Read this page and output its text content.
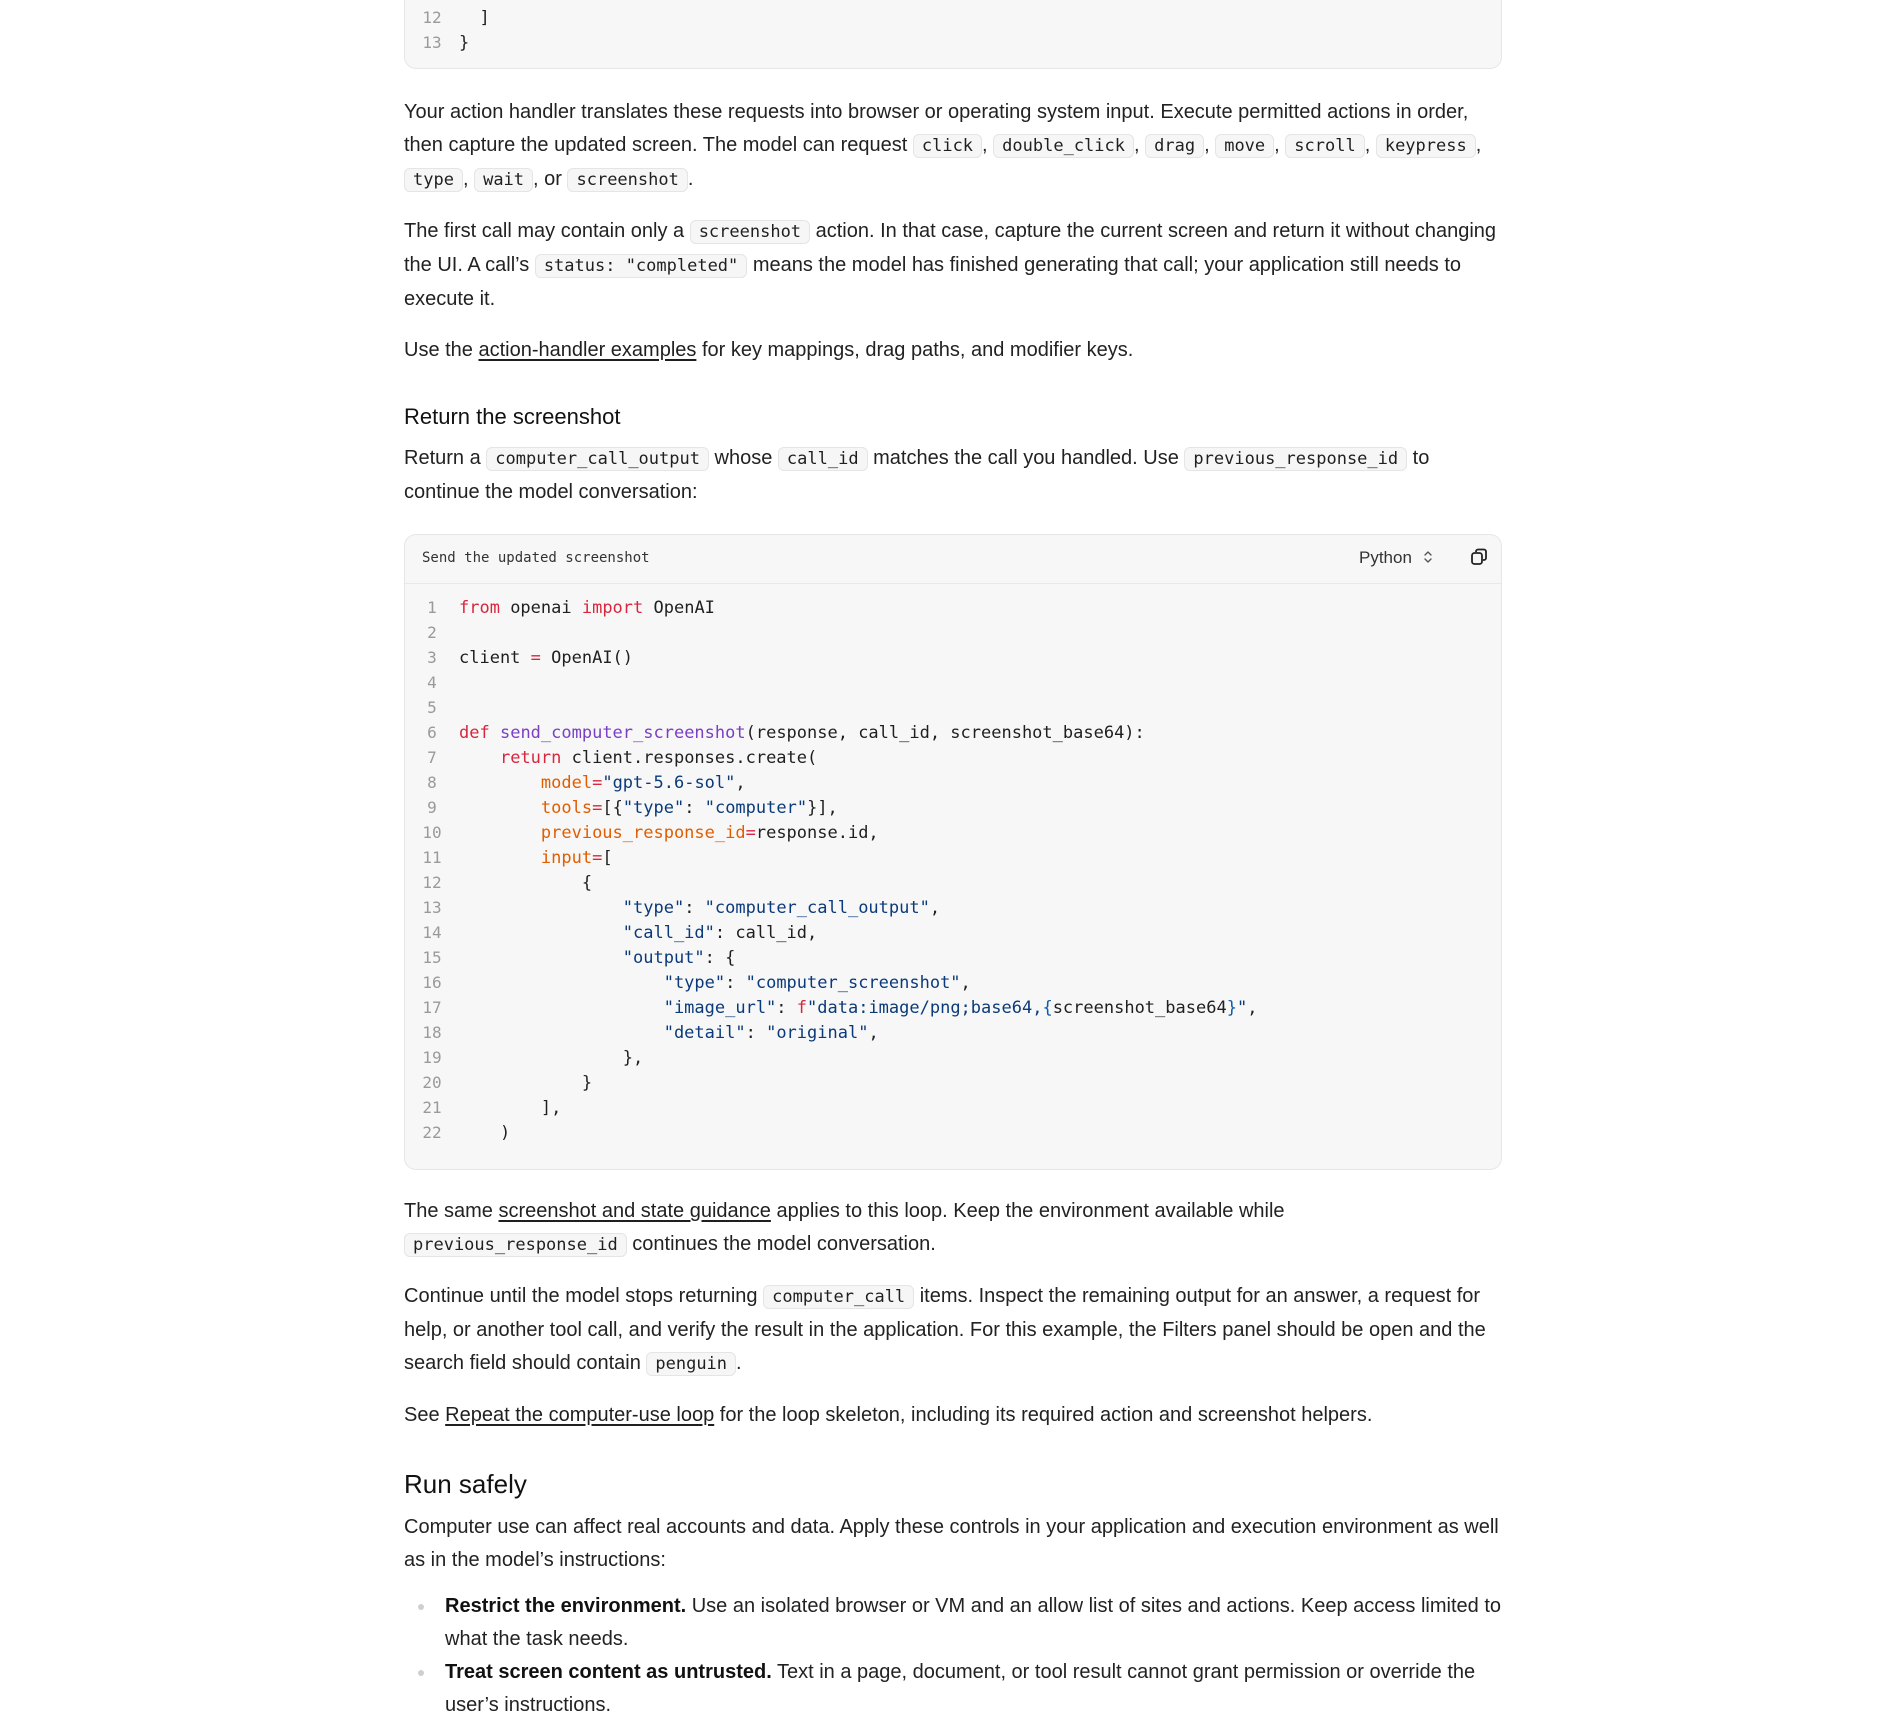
12  ]
13 }

Your action handler translates these requests into browser or operating system input. Execute permitted actions in order, then capture the updated screen. The model can request click , double_click , drag , move , scroll , keypress , type , wait , or screenshot .

The first call may contain only a screenshot action. In that case, capture the current screen and return it without changing the UI. A call’s status: "completed" means the model has finished generating that call; your application still needs to execute it.

Use the action-handler examples for key mappings, drag paths, and modifier keys.

Return the screenshot

Return a computer_call_output whose call_id matches the call you handled. Use previous_response_id to continue the model conversation:

The same screenshot and state guidance applies to this loop. Keep the environment available while previous_response_id continues the model conversation.

Continue until the model stops returning computer_call items. Inspect the remaining output for an answer, a request for help, or another tool call, and verify the result in the application. For this example, the Filters panel should be open and the search field should contain penguin .

See Repeat the computer-use loop for the loop skeleton, including its required action and screenshot helpers.

Run safely

Computer use can affect real accounts and data. Apply these controls in your application and execution environment as well as in the model’s instructions:

Restrict the environment. Use an isolated browser or VM and an allow list of sites and actions. Keep access limited to what the task needs.
Treat screen content as untrusted. Text in a page, document, or tool result cannot grant permission or override the user’s instructions.
Send the updated screenshot	Python
1 from openai import OpenAI
2
3 client = OpenAI()
4
5
6 def send_computer_screenshot(response, call_id, screenshot_base64):
7	return client.responses.create(
8	model="gpt-5.6-sol",
9	tools=[{"type": "computer"}],
10	previous_response_id=response.id,
11	input=[
12            {
13	"type": "computer_call_output",
14	"call_id": call_id,
15	"output": {
16	"type": "computer_screenshot",
17	"image_url": f"data:image/png;base64,{screenshot_base64}",
18	"detail": "original",
19                },
20            }
21        ],
22    )
